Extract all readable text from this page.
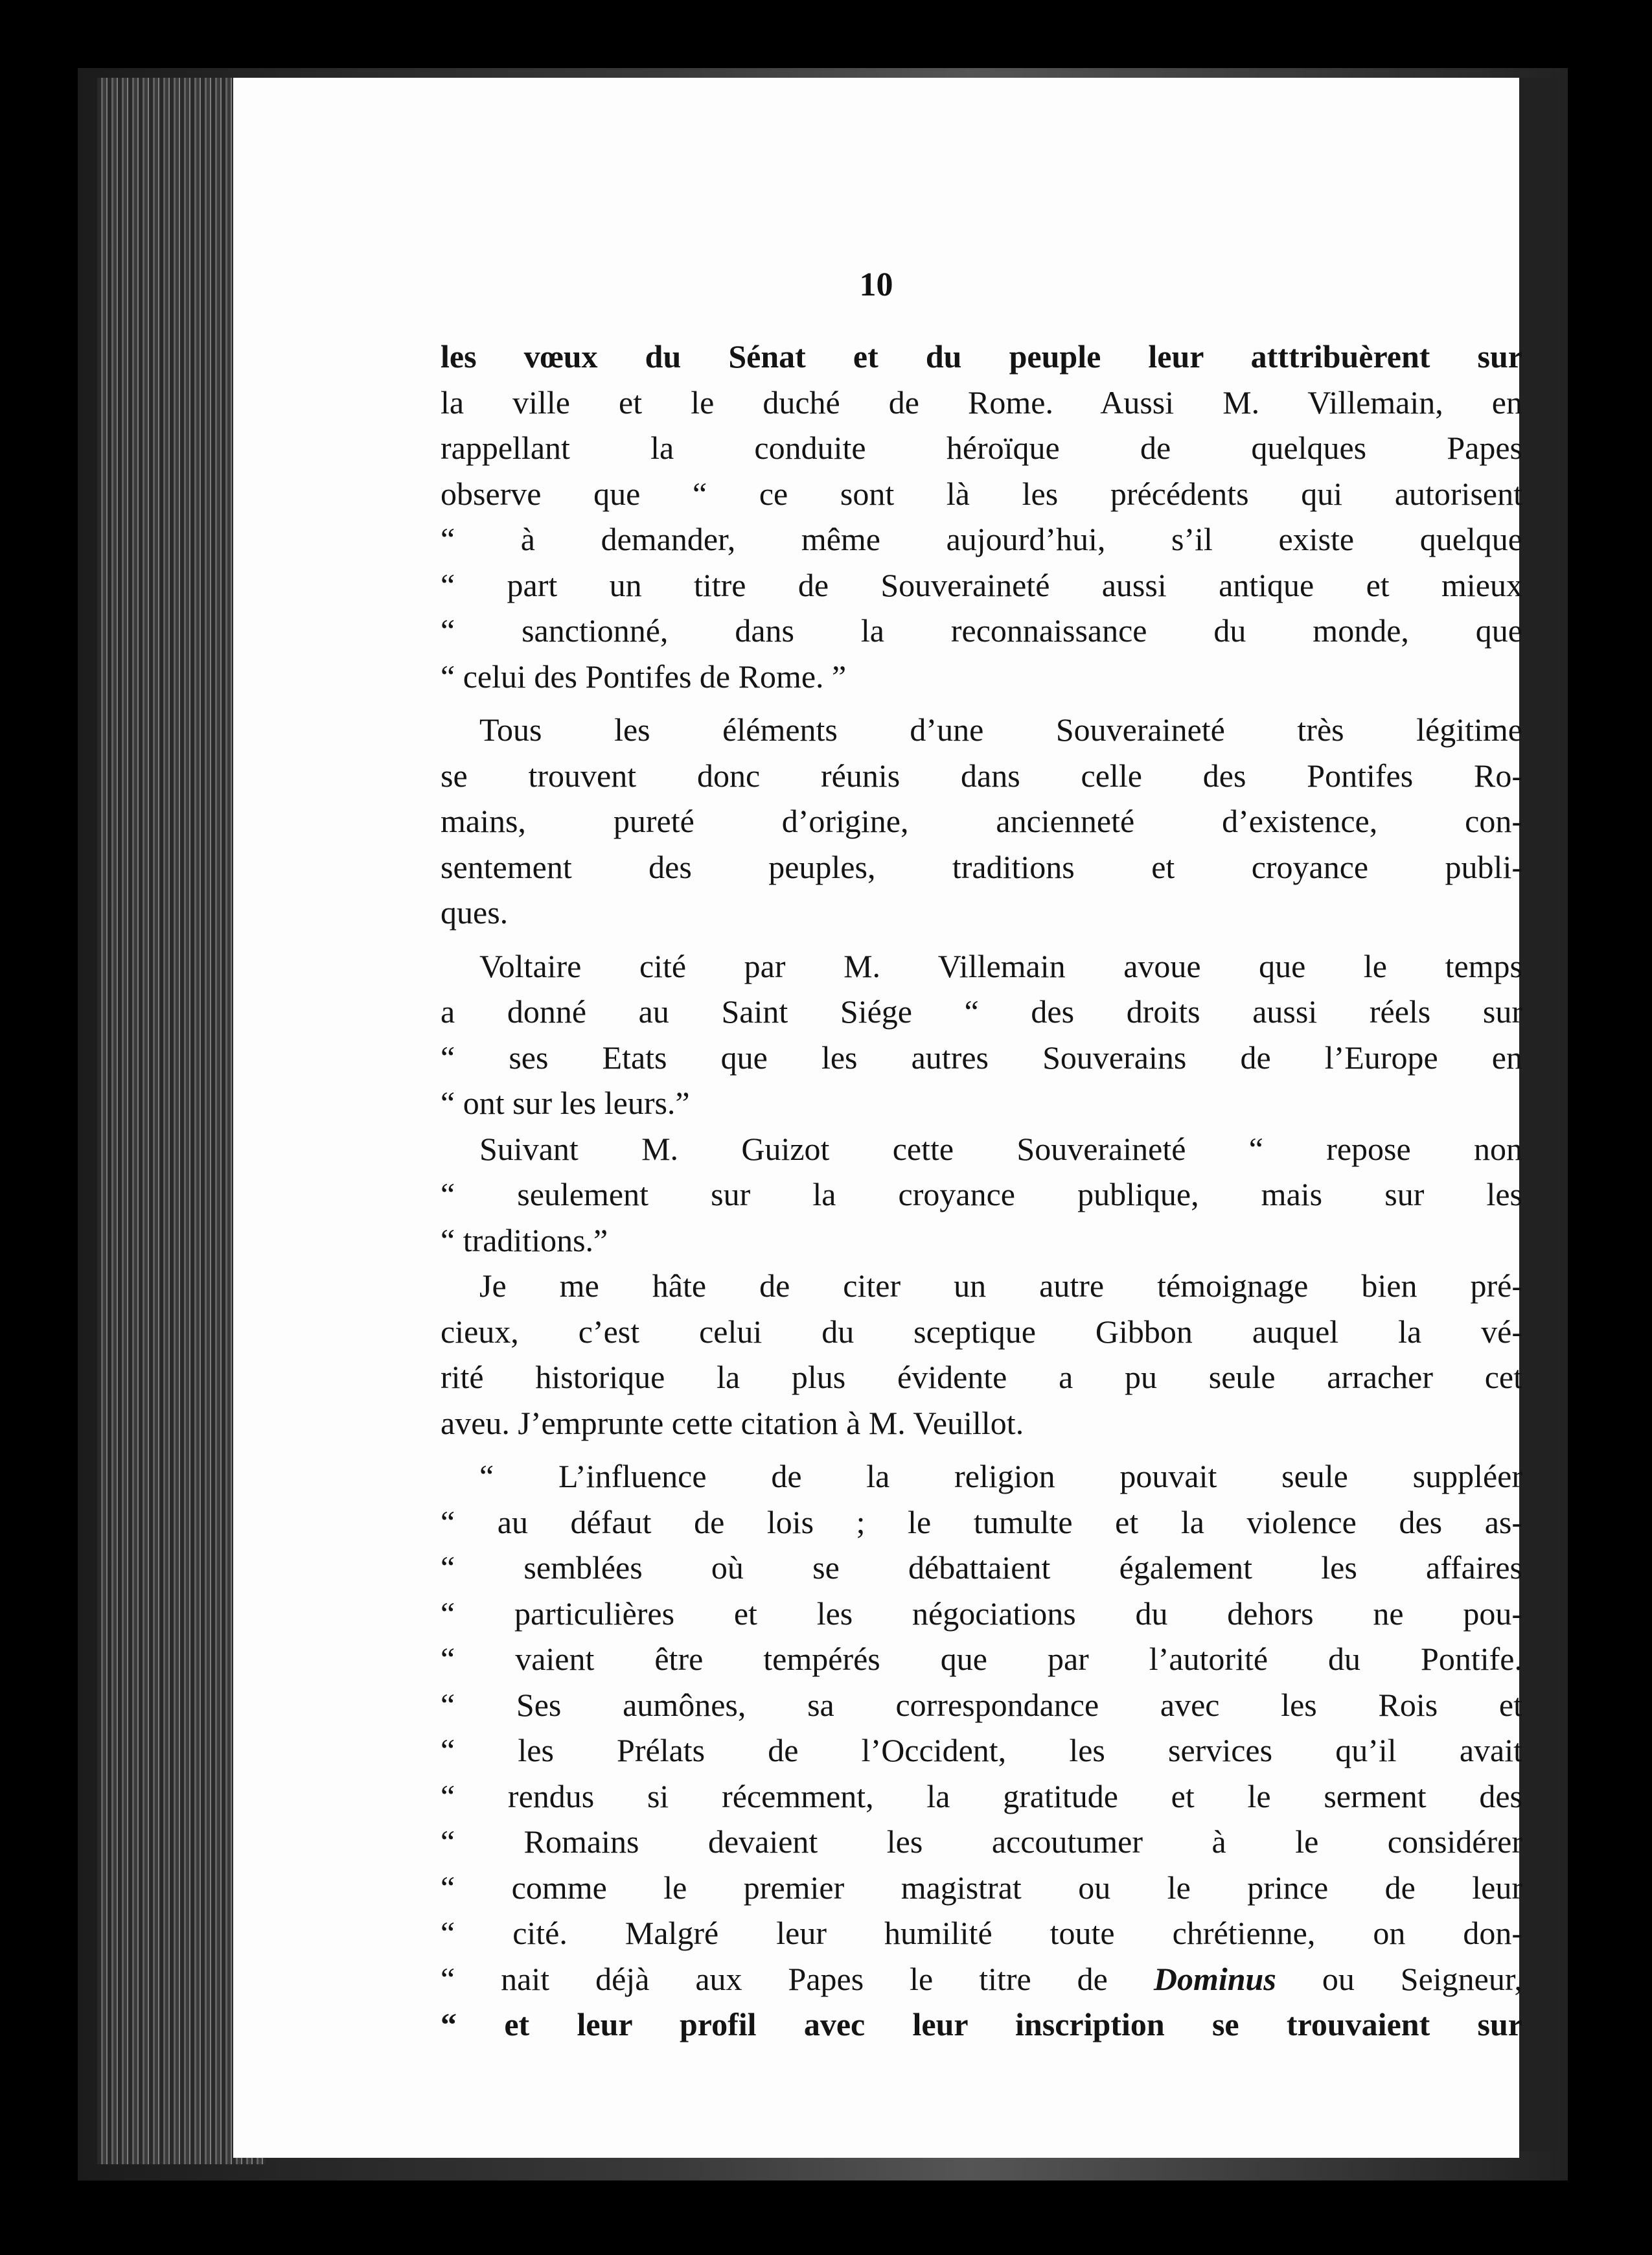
10
les vœux du Sénat et du peuple leur atttribuèrent sur
la ville et le duché de Rome. Aussi M. Villemain, en
rappellant la conduite héroïque de quelques Papes
observe que “ ce sont là les précédents qui autorisent
“ à demander, même aujourd’hui, s’il existe quelque
“ part un titre de Souveraineté aussi antique et mieux
“ sanctionné, dans la reconnaissance du monde, que
“ celui des Pontifes de Rome. ”
Tous les éléments d’une Souveraineté très légitime
se trouvent donc réunis dans celle des Pontifes Ro-
mains, pureté d’origine, ancienneté d’existence, con-
sentement des peuples, traditions et croyance publi-
ques.
Voltaire cité par M. Villemain avoue que le temps
a donné au Saint Siége “ des droits aussi réels sur
“ ses Etats que les autres Souverains de l’Europe en
“ ont sur les leurs.”
Suivant M. Guizot cette Souveraineté “ repose non
“ seulement sur la croyance publique, mais sur les
“ traditions.”
Je me hâte de citer un autre témoignage bien pré-
cieux, c’est celui du sceptique Gibbon auquel la vé-
rité historique la plus évidente a pu seule arracher cet
aveu. J’emprunte cette citation à M. Veuillot.
“ L’influence de la religion pouvait seule suppléer
“ au défaut de lois ; le tumulte et la violence des as-
“ semblées où se débattaient également les affaires
“ particulières et les négociations du dehors ne pou-
“ vaient être tempérés que par l’autorité du Pontife.
“ Ses aumônes, sa correspondance avec les Rois et
“ les Prélats de l’Occident, les services qu’il avait
“ rendus si récemment, la gratitude et le serment des
“ Romains devaient les accoutumer à le considérer
“ comme le premier magistrat ou le prince de leur
“ cité. Malgré leur humilité toute chrétienne, on don-
“ nait déjà aux Papes le titre de Dominus ou Seigneur,
“ et leur profil avec leur inscription se trouvaient sur
